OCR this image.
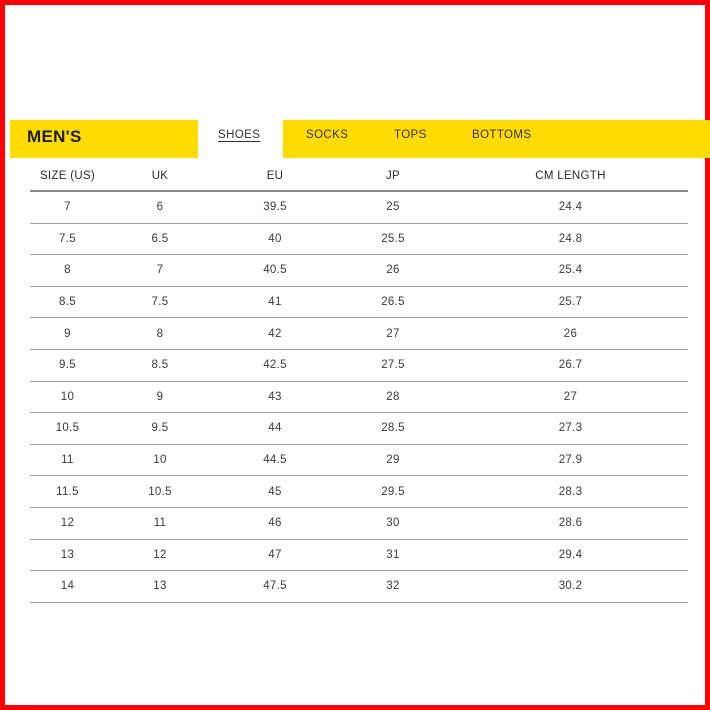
MEN'S	SHOES	SOCKS	TOPS	BOTTOMS
SIZE (US)	UK	EU	JP	CM LENGTH
7	6	39.5	25	24.4
7.5	6.5	40	25.5	24.8
8	7	40.5	26	25.4
8.5	7.5	41	26.5	25.7
9	8	42	27	26
9.5	8.5	42.5	27.5	26.7
10	9	43	28	27
10.5	9.5	44	28.5	27.3
11	10	44.5	29	27.9
11.5	10.5	45	29.5	28.3
12	11	46	30	28.6
13	12	47	31	29.4
14	13	47.5	32	30.2
